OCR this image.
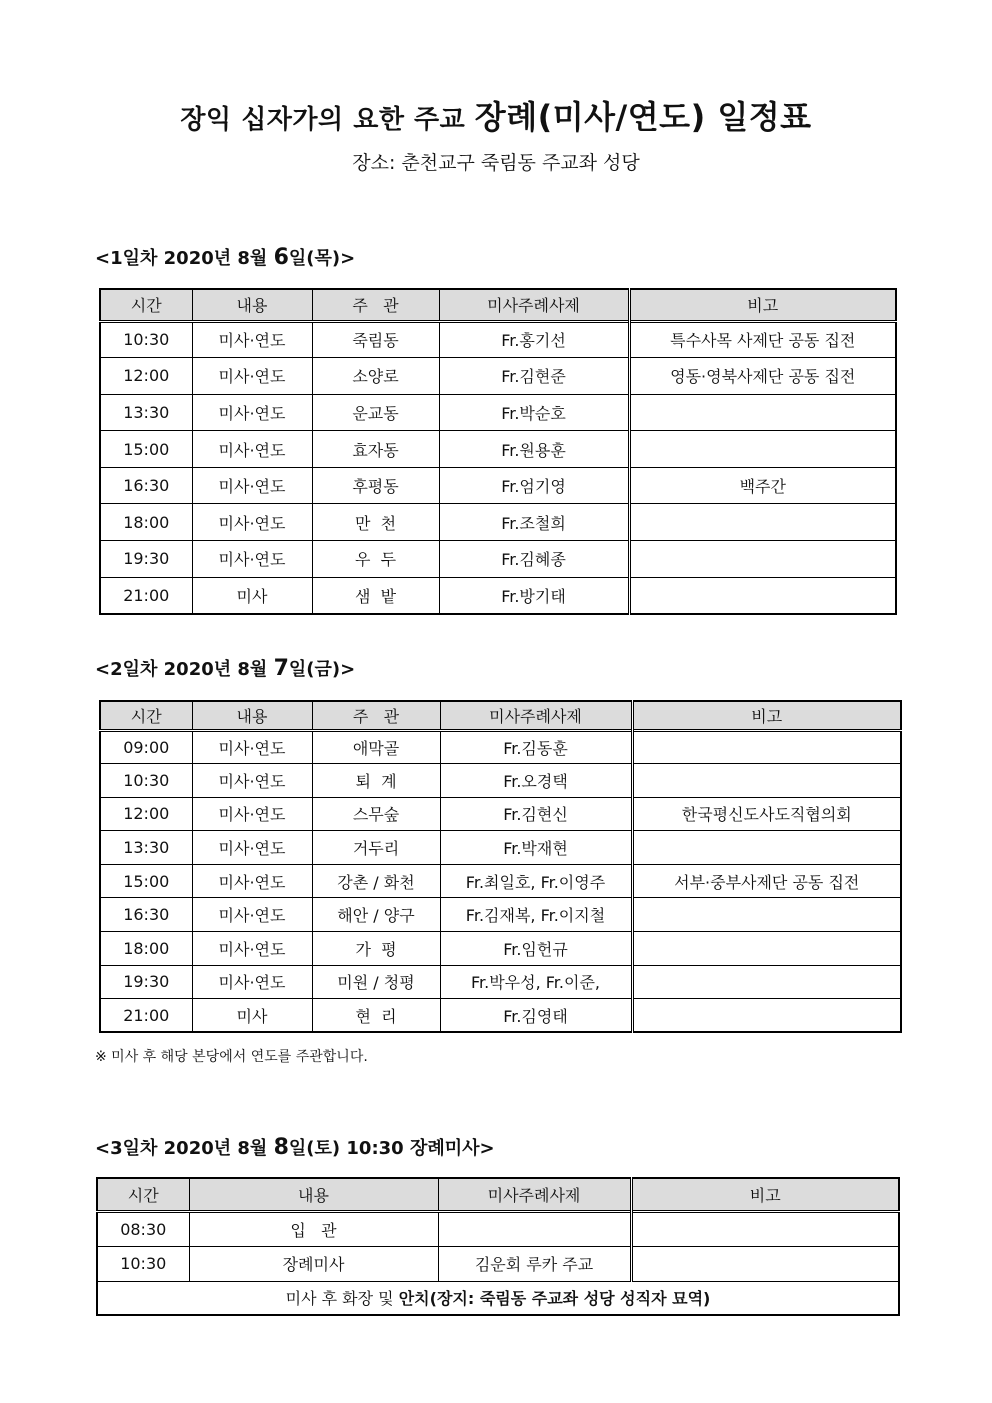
장익 십자가의 요한 주교 장례(미사/연도) 일정표
장소: 춘천교구 죽림동 주교좌 성당
<1일차 2020년 8월 6일(목)>
시간	내용	주   관	미사주례사제	비고
10:30	미사·연도	죽림동	Fr.홍기선	특수사목 사제단 공동 집전
12:00	미사·연도	소양로	Fr.김현준	영동·영북사제단 공동 집전
13:30	미사·연도	운교동	Fr.박순호	
15:00	미사·연도	효자동	Fr.원용훈	
16:30	미사·연도	후평동	Fr.엄기영	백주간
18:00	미사·연도	만  천	Fr.조철희	
19:30	미사·연도	우  두	Fr.김혜종	
21:00	미사	샘  밭	Fr.방기태	
<2일차 2020년 8월 7일(금)>
시간	내용	주   관	미사주례사제	비고
09:00	미사·연도	애막골	Fr.김동훈	
10:30	미사·연도	퇴  계	Fr.오경택	
12:00	미사·연도	스무숲	Fr.김현신	한국평신도사도직협의회
13:30	미사·연도	거두리	Fr.박재현	
15:00	미사·연도	강촌 / 화천	Fr.최일호, Fr.이영주	서부·중부사제단 공동 집전
16:30	미사·연도	해안 / 양구	Fr.김재복, Fr.이지철	
18:00	미사·연도	가  평	Fr.임헌규	
19:30	미사·연도	미원 / 청평	Fr.박우성, Fr.이준,	
21:00	미사	현  리	Fr.김영태	
※ 미사 후 해당 본당에서 연도를 주관합니다.
<3일차 2020년 8월 8일(토) 10:30 장례미사>
시간	내용	미사주례사제	비고
08:30	입   관		
10:30	장례미사	김운회 루카 주교	
미사 후 화장 및 안치(장지: 죽림동 주교좌 성당 성직자 묘역)			
